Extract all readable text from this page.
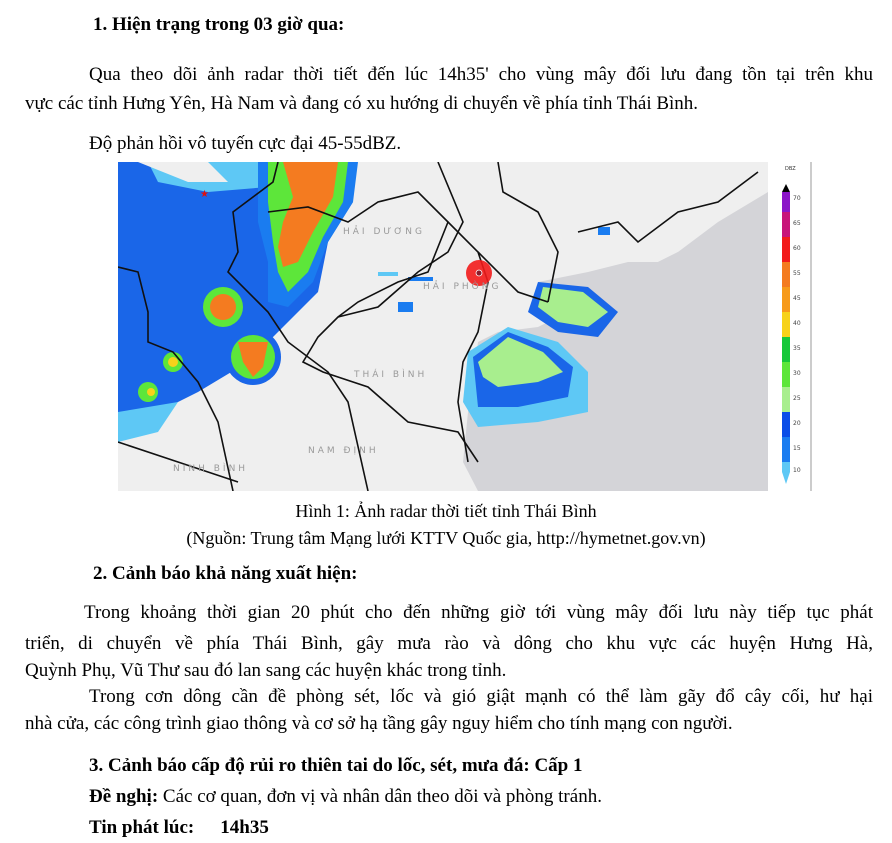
1. Hiện trạng trong 03 giờ qua:
Qua theo dõi ảnh radar thời tiết đến lúc 14h35' cho vùng mây đối lưu đang tồn tại trên khu
vực các tỉnh Hưng Yên, Hà Nam và đang có xu hướng di chuyển về phía tỉnh Thái Bình.
Độ phản hồi vô tuyến cực đại 45-55dBZ.
★
HẢI DƯƠNG
HẢI PHÒNG
THÁI BÌNH
NAM ĐỊNH
NINH BÌNH
DBZ
70
65
60
55
45
40
35
30
25
20
15
10
Hình 1: Ảnh radar thời tiết tỉnh Thái Bình
(Nguồn: Trung tâm Mạng lưới KTTV Quốc gia, http://hymetnet.gov.vn)
2. Cảnh báo khả năng xuất hiện:
Trong khoảng thời gian 20 phút cho đến những giờ tới vùng mây đối lưu này tiếp tục phát
triển, di chuyển về phía Thái Bình, gây mưa rào và dông cho khu vực các huyện Hưng Hà,
Quỳnh Phụ, Vũ Thư sau đó lan sang các huyện khác trong tỉnh.
Trong cơn dông cần đề phòng sét, lốc và gió giật mạnh có thể làm gãy đổ cây cối, hư hại
nhà cửa, các công trình giao thông và cơ sở hạ tầng gây nguy hiểm cho tính mạng con người.
3. Cảnh báo cấp độ rủi ro thiên tai do lốc, sét, mưa đá: Cấp 1
Đề nghị: Các cơ quan, đơn vị và nhân dân theo dõi và phòng tránh.
Tin phát lúc: 14h35
